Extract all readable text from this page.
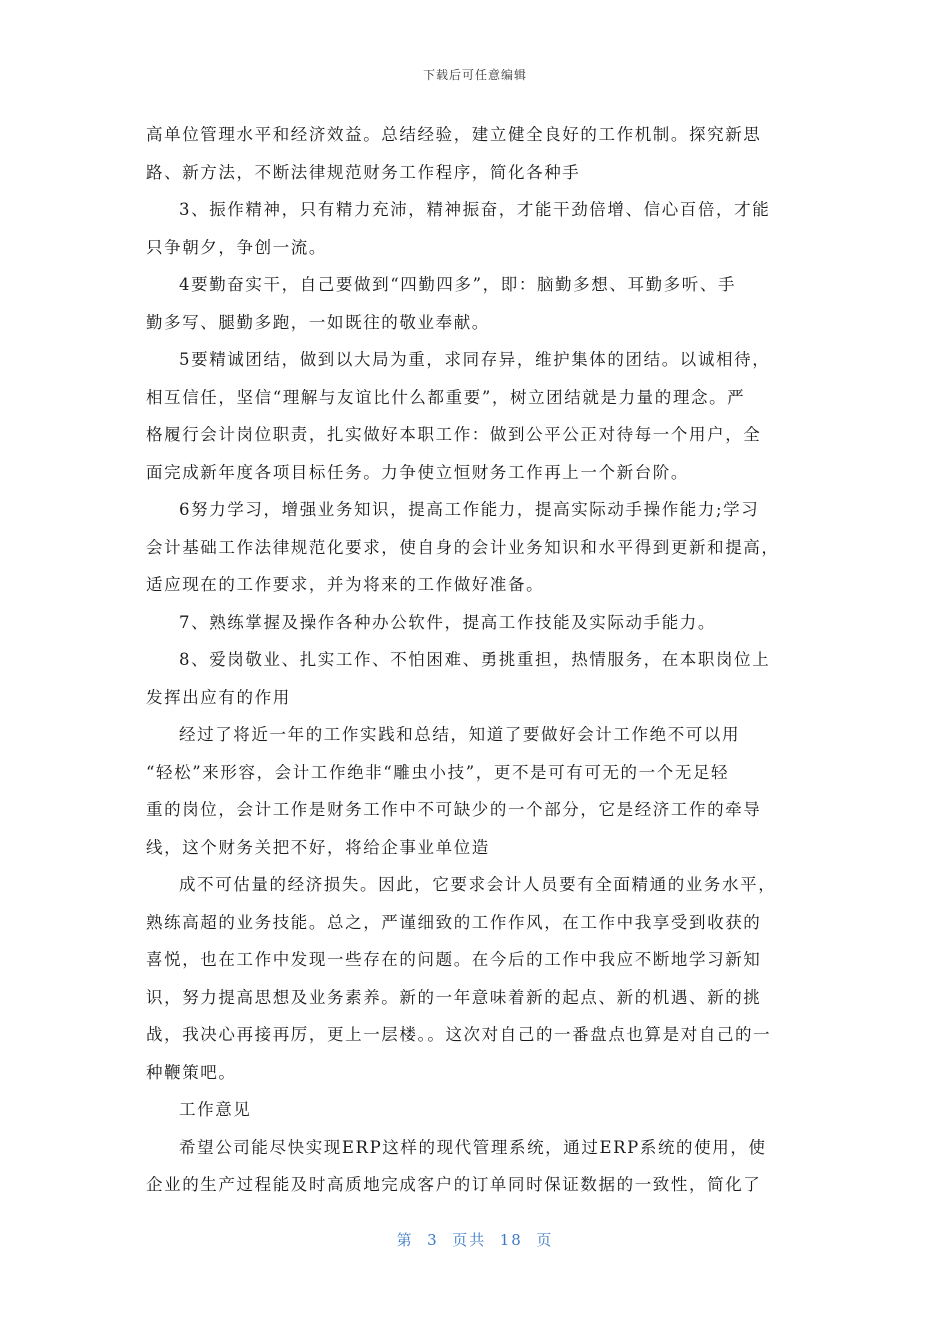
下载后可任意编辑

高单位管理水平和经济效益。总结经验，建立健全良好的工作机制。探究新思
路、新方法，不断法律规范财务工作程序，简化各种手

3、振作精神，只有精力充沛，精神振奋，才能干劲倍增、信心百倍，才能
只争朝夕，争创一流。

4要勤奋实干，自己要做到“四勤四多”，即：脑勤多想、耳勤多听、手
勤多写、腿勤多跑，一如既往的敬业奉献。

5要精诚团结，做到以大局为重，求同存异，维护集体的团结。以诚相待，
相互信任，坚信“理解与友谊比什么都重要”，树立团结就是力量的理念。严
格履行会计岗位职责，扎实做好本职工作：做到公平公正对待每一个用户，全
面完成新年度各项目标任务。力争使立恒财务工作再上一个新台阶。

6努力学习，增强业务知识，提高工作能力，提高实际动手操作能力;学习
会计基础工作法律规范化要求，使自身的会计业务知识和水平得到更新和提高，
适应现在的工作要求，并为将来的工作做好准备。

7、熟练掌握及操作各种办公软件，提高工作技能及实际动手能力。

8、爱岗敬业、扎实工作、不怕困难、勇挑重担，热情服务，在本职岗位上
发挥出应有的作用

经过了将近一年的工作实践和总结，知道了要做好会计工作绝不可以用
“轻松”来形容，会计工作绝非“雕虫小技”，更不是可有可无的一个无足轻
重的岗位，会计工作是财务工作中不可缺少的一个部分，它是经济工作的牵导
线，这个财务关把不好，将给企事业单位造

成不可估量的经济损失。因此，它要求会计人员要有全面精通的业务水平，
熟练高超的业务技能。总之，严谨细致的工作作风，在工作中我享受到收获的
喜悦，也在工作中发现一些存在的问题。在今后的工作中我应不断地学习新知
识，努力提高思想及业务素养。新的一年意味着新的起点、新的机遇、新的挑
战，我决心再接再厉，更上一层楼。。这次对自己的一番盘点也算是对自己的一
种鞭策吧。

工作意见

希望公司能尽快实现ERP这样的现代管理系统，通过ERP系统的使用，使
企业的生产过程能及时高质地完成客户的订单同时保证数据的一致性，简化了

第  3  页共  18  页
